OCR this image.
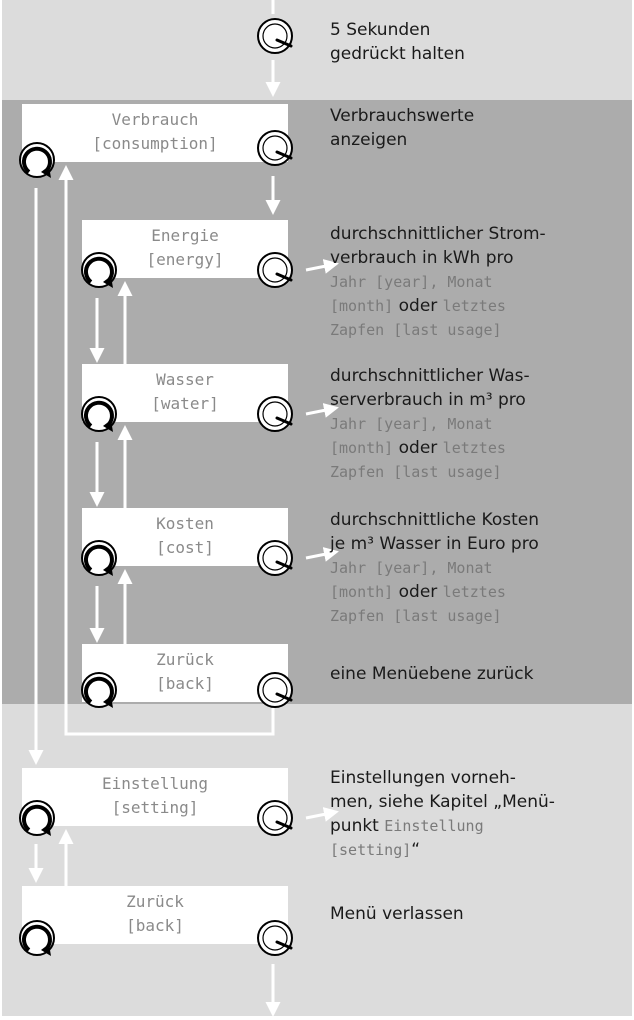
Verbrauch
[consumption]
Energie
[energy]
Wasser
[water]
Kosten
[cost]
Zurück
[back]
Einstellung
[setting]
Zurück
[back]
5 Sekunden
gedrückt halten
Verbrauchswerte
anzeigen
durchschnittlicher Strom-
verbrauch in kWh pro
Jahr [year], Monat
[month] oder letztes
Zapfen [last usage]
durchschnittlicher Was-
serverbrauch in m³ pro
Jahr [year], Monat
[month] oder letztes
Zapfen [last usage]
durchschnittliche Kosten
je m³ Wasser in Euro pro
Jahr [year], Monat
[month] oder letztes
Zapfen [last usage]
eine Menüebene zurück
Einstellungen vorneh-
men, siehe Kapitel „Menü-
punkt Einstellung
[setting]“
Menü verlassen
